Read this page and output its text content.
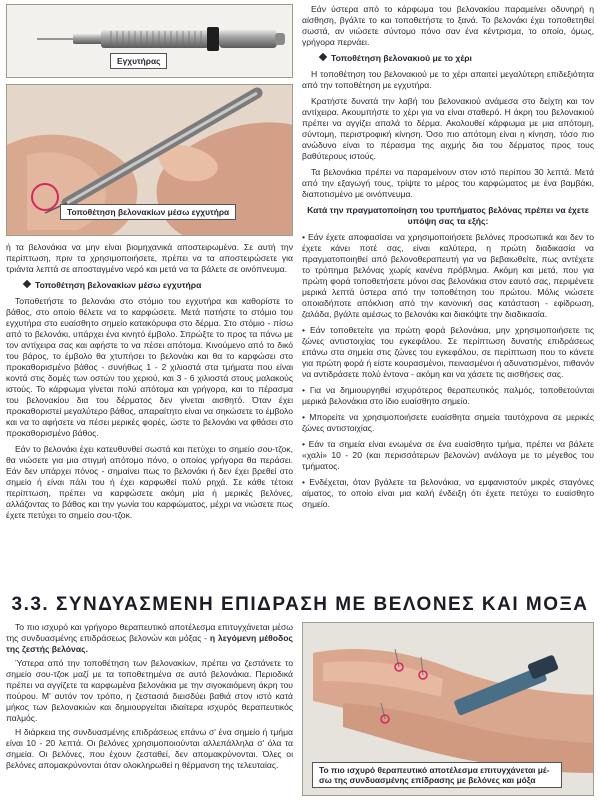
Εγχυτήρας
Τοποθέτηση βελονακίων μέσω εγχυτήρα

ή τα βελονάκια να μην είναι βιομηχανικά αποστειρωμένα. Σε αυτή την περίπτωση, πριν τα χρησιμοποιήσετε, πρέπει να τα αποστειρώσετε για τριάντα λεπτά σε αποσταγμένο νερό και μετά να τα βάλετε σε οινόπνευμα.

Τοποθέτηση βελονακίων μέσω εγχυτήρα

Τοποθετήστε το βελονάκι στο στόμιο του εγχυτήρα και καθορίστε το βάθος, στο οποίο θέλετε να το καρφώσετε. Μετά πατήστε το στόμιο του εγχυτήρα στο ευαίσθητο σημείο κατακόρυφα στο δέρμα. Στο στόμιο - πίσω από το βελονάκι, υπάρχει ένα κινητό έμβολο. Σπρώξτε το προς τα πάνω με τον αντίχειρα σας και αφήστε το να πέσει απότομα. Κινούμενο από το δικό του βάρος, το έμβολο θα χτυπήσει το βελονάκι και θα το καρφώσει στο προκαθορισμένο βάθος - συνήθως 1 - 2 χιλιοστά στα τμήματα που είναι κοντά στις δομές των οστών του χεριού, και 3 - 6 χιλιοστά στους μαλακούς ιστούς. Το κάρφωμα γίνεται πολύ απότομα και γρήγορα, και το πέρασμα του βελονακίου δια του δέρματος δεν γίνεται αισθητό. Όταν έχει προκαθοριστεί μεγαλύτερο βάθος, απαραίτητο είναι να σηκώσετε το έμβολο και να το αφήσετε να πέσει μερικές φορές, ώστε το βελονάκι να φθάσει στο προκαθορισμένο βάθος.

Εάν το βελονάκι έχει κατευθυνθεί σωστά και πετύχει το σημείο σου-τζοκ, θα νιώσετε για μια στιγμή απότομο πόνο, ο οποίος γρήγορα θα περάσει. Εάν δεν υπάρχει πόνος - σημαίνει πως το βελονάκι ή δεν έχει βρεθεί στο σημείο ή είναι πάλι του ή έχει καρφωθεί πολύ ρηχά. Σε κάθε τέτοια περίπτωση, πρέπει να καρφώσετε ακόμη μία ή μερικές βελόνες, αλλάζοντας το βάθος και την γωνία του καρφώματος, μέχρι να νιώσετε πως έχετε πετύχει το σημείο σου-τζοκ.

Εάν ύστερα από το κάρφωμα του βελονακίου παραμείνει οδυνηρή η αίσθηση, βγάλτε το και τοποθετήστε το ξανά. Το βελονάκι έχει τοποθετηθεί σωστά, αν νιώσετε σύντομο πόνο σαν ένα κέντρισμα, το οποίο, όμως, γρήγορα περνάει.

Τοποθέτηση βελονακιού με το χέρι

Η τοποθέτηση του βελονακιού με το χέρι απαιτεί μεγαλύτερη επιδεξιότητα από την τοποθέτηση με εγχυτήρα.

Κρατήστε δυνατά την λαβή του βελονακιού ανάμεσα στο δείχτη και τον αντίχειρα. Ακουμπήστε το χέρι για να είναι σταθερό. Η άκρη του βελονακιού πρέπει να αγγίζει απαλά το δέρμα. Ακολουθεί κάρφωμα με μια απότομη, σύντομη, περιστροφική κίνηση. Όσο πιο απότομη είναι η κίνηση, τόσο πιο ανώδυνο είναι το πέρασμα της αιχμής δια του δέρματος προς τους βαθύτερους ιστούς.

Τα βελονάκια πρέπει να παραμείνουν στον ιστό περίπου 30 λεπτά. Μετά από την εξαγωγή τους, τρίψτε το μέρος του καρφώματος με ένα βαμβάκι, διαποτισμένο με οινόπνευμα.

Κατά την πραγματοποίηση του τρυπήματος βελόνας πρέπει να έχετε υπόψη σας τα εξής:

• Εάν έχετε αποφασίσει να χρησιμοποιήσετε βελόνες προσωπικά και δεν το έχετε κάνει ποτέ σας, είναι καλύτερα, η πρώτη διαδικασία να πραγματοποιηθεί από βελονοθεραπευτή για να βεβαιωθείτε, πως αντέχετε το τρύπημα βελόνας χωρίς κανένα πρόβλημα. Ακόμη και μετά, που για πρώτη φορά τοποθετήσετε μόνοι σας βελονάκια στον εαυτό σας, περιμένετε μερικά λεπτά ύστερα από την τοποθέτηση του πρώτου. Μόλις νιώσετε οποιαδήποτε απόκλιση από την κανονική σας κατάσταση - εφίδρωση, ζαλάδα, βγάλτε αμέσως το βελονάκι και διακόψτε την διαδικασία.

• Εάν τοποθετείτε για πρώτη φορά βελονάκια, μην χρησιμοποιήσετε τις ζώνες αντιστοιχίας του εγκεφάλου. Σε περίπτωση δυνατής επιδράσεως επάνω στα σημεία στις ζώνες του εγκεφάλου, σε περίπτωση που το κάνετε για πρώτη φορά ή είστε κουρασμένοι, πεινασμένοι ή αδυνατισμένοι, πιθανόν να αντιδράσετε πολύ έντονα - ακόμη και να χάσετε τις αισθήσεις σας.

• Για να δημιουργηθεί ισχυρότερος θεραπευτικός παλμός, τοποθετούνται μερικά βελονάκια στο ίδιο ευαίσθητο σημείο.

• Μπορείτε να χρησιμοποιήσετε ευαίσθητα σημεία ταυτόχρονα σε μερικές ζώνες αντιστοιχίας.

• Εάν τα σημεία είναι ενωμένα σε ένα ευαίσθητο τμήμα, πρέπει να βάλετε «χαλί» 10 - 20 (και περισσότερων βελονών) ανάλογα με το μέγεθος του τμήματος.

• Ενδέχεται, όταν βγάλετε τα βελονάκια, να εμφανιστούν μικρές σταγόνες αίματος, το οποίο είναι μια καλή ένδειξη ότι έχετε πετύχει το ευαίσθητο σημείο.

3.3. ΣΥΝΔΥΑΣΜΕΝΗ ΕΠΙΔΡΑΣΗ ΜΕ ΒΕΛΟΝΕΣ ΚΑΙ ΜΟΞΑ

Το πιο ισχυρό και γρήγορο θεραπευτικό αποτέλεσμα επιτυγχάνεται μέσω της συνδυασμένης επιδράσεως βελονών και μόξας - η λεγόμενη μέθοδος της ζεστής βελόνας.

Ύστερα από την τοποθέτηση των βελονακίων, πρέπει να ζεστάνετε το σημείο σου-τζοκ μαζί με τα τοποθετημένα σε αυτό βελονάκια. Περιοδικά πρέπει να αγγίζετε τα καρφωμένα βελονάκια με την σιγοκαιόμενη άκρη του πούρου. Μ' αυτόν τον τρόπο, η ζεστασιά διεισδύει βαθιά στον ιστό κατά μήκος των βελονακιών και δημιουργείται ιδιαίτερα ισχυρός θεραπευτικός παλμός.

Η διάρκεια της συνδυασμένης επιδράσεως επάνω σ' ένα σημείο ή τμήμα είναι 10 - 20 λεπτά. Οι βελόνες χρησιμοποιούνται αλλεπάλληλα σ' όλα τα σημεία. Οι βελόνες, που έχουν ζεσταθεί, δεν απομακρύνονται. Όλες οι βελόνες απομακρύνονται όταν ολοκληρωθεί η θέρμανση της τελευταίας.	Το πιο ισχυρό θεραπευτικό αποτέλεσμα επιτυγχάνεται μέ- σω της συνδυασμένης επίδρασης με βελόνες και μόξα
